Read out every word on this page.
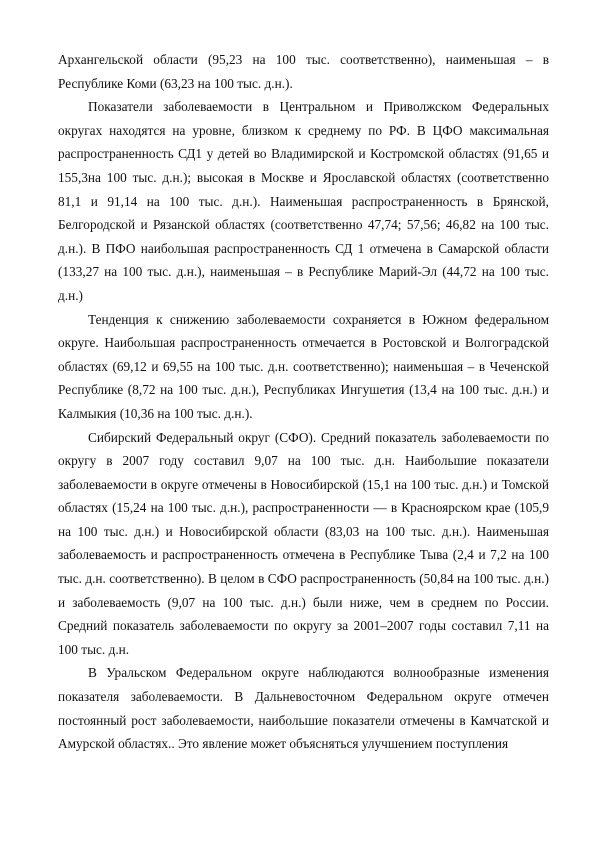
Архангельской области (95,23 на 100 тыс. соответственно), наименьшая – в Республике Коми (63,23 на 100 тыс. д.н.).

Показатели заболеваемости в Центральном и Приволжском Федеральных округах находятся на уровне, близком к среднему по РФ. В ЦФО максимальная распространенность СД1 у детей во Владимирской и Костромской областях (91,65 и 155,3на 100 тыс. д.н.); высокая в Москве и Ярославской областях (соответственно 81,1 и 91,14 на 100 тыс. д.н.). Наименьшая распространенность в Брянской, Белгородской и Рязанской областях (соответственно 47,74; 57,56; 46,82 на 100 тыс. д.н.). В ПФО наибольшая распространенность СД 1 отмечена в Самарской области (133,27 на 100 тыс. д.н.), наименьшая – в Республике Марий-Эл (44,72 на 100 тыс. д.н.)

Тенденция к снижению заболеваемости сохраняется в Южном федеральном округе. Наибольшая распространенность отмечается в Ростовской и Волгоградской областях (69,12 и 69,55 на 100 тыс. д.н. соответственно); наименьшая – в Чеченской Республике (8,72 на 100 тыс. д.н.), Республиках Ингушетия (13,4 на 100 тыс. д.н.) и Калмыкия (10,36 на 100 тыс. д.н.).

Сибирский Федеральный округ (СФО). Средний показатель заболеваемости по округу в 2007 году составил 9,07 на 100 тыс. д.н. Наибольшие показатели заболеваемости в округе отмечены в Новосибирской (15,1 на 100 тыс. д.н.) и Томской областях (15,24 на 100 тыс. д.н.), распространенности — в Красноярском крае (105,9 на 100 тыс. д.н.) и Новосибирской области (83,03 на 100 тыс. д.н.). Наименьшая заболеваемость и распространенность отмечена в Республике Тыва (2,4 и 7,2 на 100 тыс. д.н. соответственно). В целом в СФО распространенность (50,84 на 100 тыс. д.н.) и заболеваемость (9,07 на 100 тыс. д.н.) были ниже, чем в среднем по России. Средний показатель заболеваемости по округу за 2001–2007 годы составил 7,11 на 100 тыс. д.н.

В Уральском Федеральном округе наблюдаются волнообразные изменения показателя заболеваемости. В Дальневосточном Федеральном округе отмечен постоянный рост заболеваемости, наибольшие показатели отмечены в Камчатской и Амурской областях.. Это явление может объясняться улучшением поступления
